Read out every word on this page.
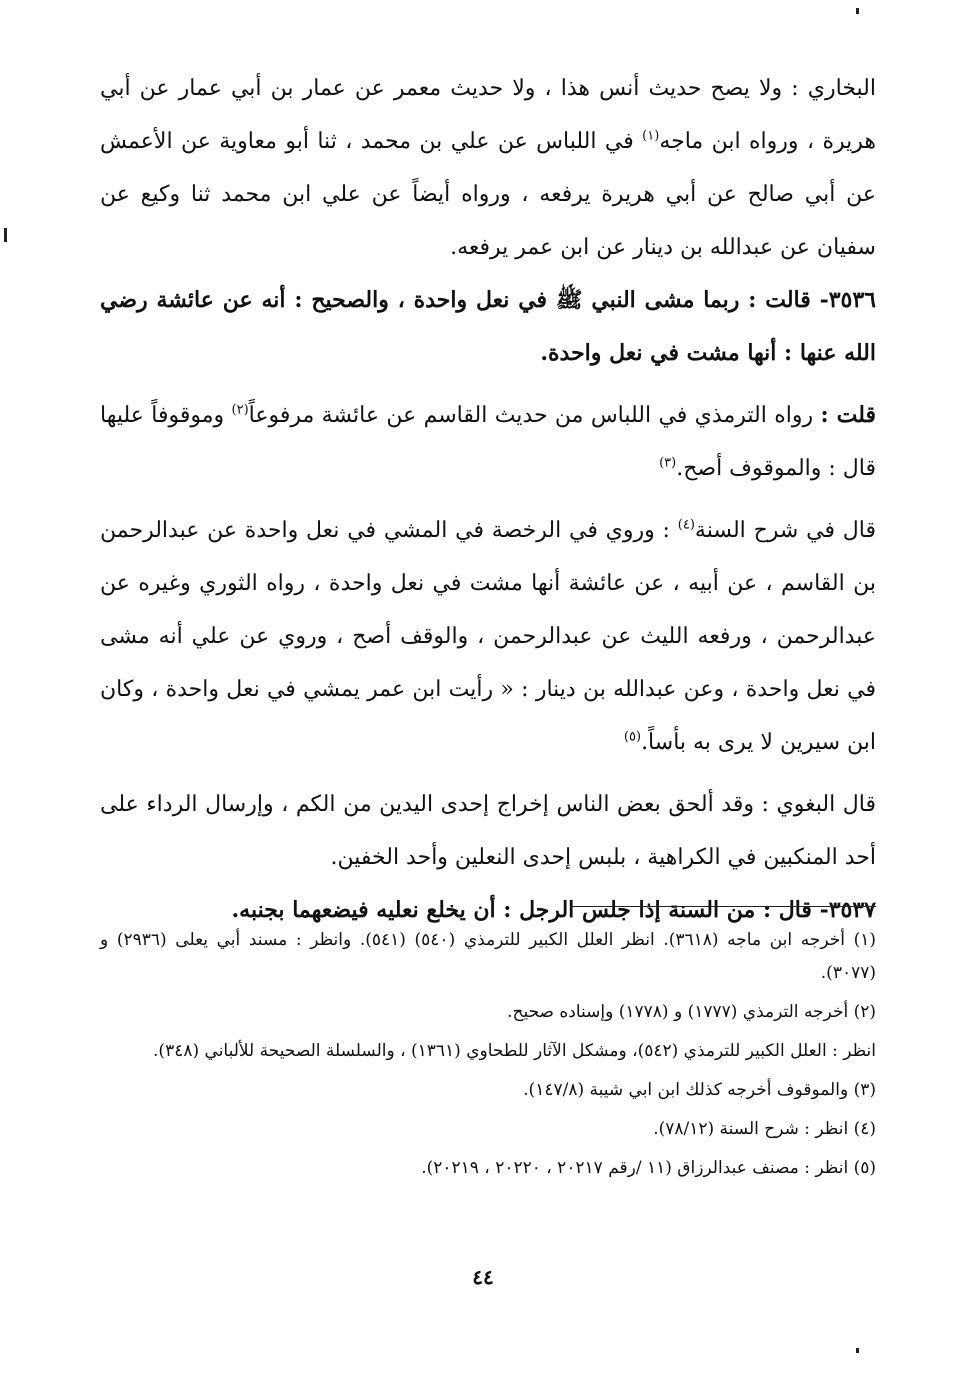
البخاري : ولا يصح حديث أنس هذا ، ولا حديث معمر عن عمار بن أبي عمار عن أبي هريرة ، ورواه ابن ماجه$^{(١)}$ في اللباس عن علي بن محمد ، ثنا أبو معاوية عن الأعمش عن أبي صالح عن أبي هريرة يرفعه ، ورواه أيضاً عن علي ابن محمد ثنا وكيع عن سفيان عن عبدالله بن دينار عن ابن عمر يرفعه.

٣٥٣٦- قالت : ربما مشى النبي ﷺ في نعل واحدة ، والصحيح : أنه عن عائشة رضي الله عنها : أنها مشت في نعل واحدة.

قلت : رواه الترمذي في اللباس من حديث القاسم عن عائشة مرفوعاً$^{(٢)}$ وموقوفاً عليها قال : والموقوف أصح.$^{(٣)}$

قال في شرح السنة$^{(٤)}$ : وروي في الرخصة في المشي في نعل واحدة عن عبدالرحمن بن القاسم ، عن أبيه ، عن عائشة أنها مشت في نعل واحدة ، رواه الثوري وغيره عن عبدالرحمن ، ورفعه الليث عن عبدالرحمن ، والوقف أصح ، وروي عن علي أنه مشى في نعل واحدة ، وعن عبدالله بن دينار : « رأيت ابن عمر يمشي في نعل واحدة ، وكان ابن سيرين لا يرى به بأساً.$^{(٥)}$

قال البغوي : وقد ألحق بعض الناس إخراج إحدى اليدين من الكم ، وإرسال الرداء على أحد المنكبين في الكراهية ، بلبس إحدى النعلين وأحد الخفين.

٣٥٣٧- قال : من السنة إذا جلس الرجل : أن يخلع نعليه فيضعهما بجنبه.

(١) أخرجه ابن ماجه (٣٦١٨). انظر العلل الكبير للترمذي (٥٤٠) (٥٤١). وانظر : مسند أبي يعلى (٢٩٣٦) و (٣٠٧٧).

(٢) أخرجه الترمذي (١٧٧٧) و (١٧٧٨) وإسناده صحيح.

انظر : العلل الكبير للترمذي (٥٤٢)، ومشكل الآثار للطحاوي (١٣٦١) ، والسلسلة الصحيحة للألباني (٣٤٨).

(٣) والموقوف أخرجه كذلك ابن ابي شيبة (١٤٧/٨).

(٤) انظر : شرح السنة (٧٨/١٢).

(٥) انظر : مصنف عبدالرزاق (١١ /رقم ٢٠٢١٧ ، ٢٠٢٢٠ ، ٢٠٢١٩).

٤٤
